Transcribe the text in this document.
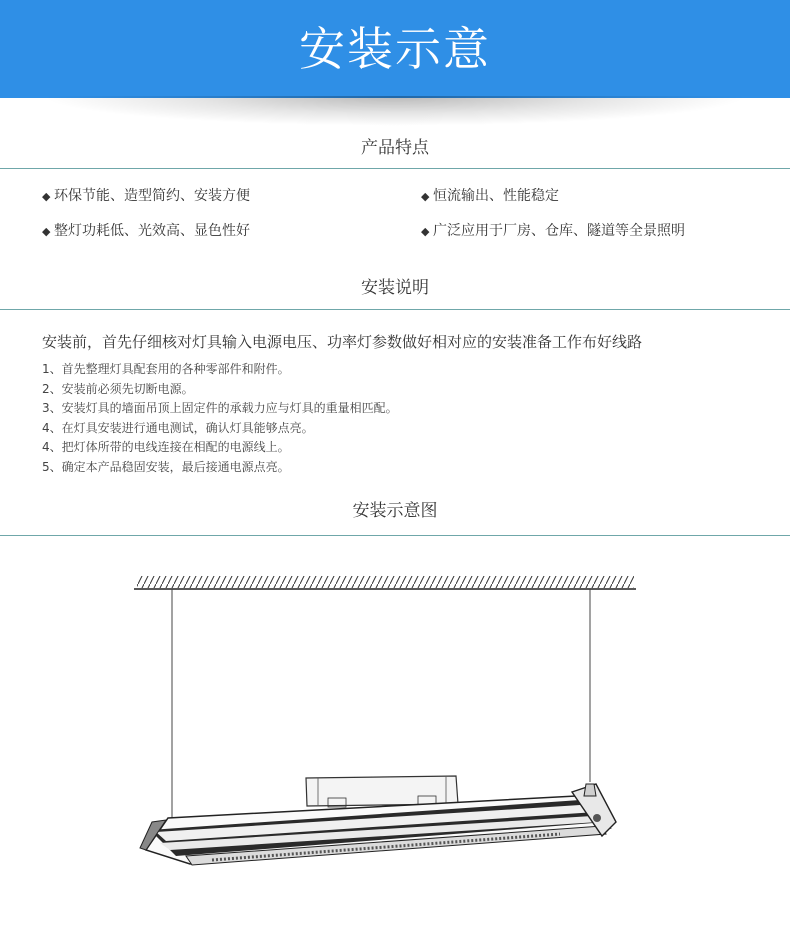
安装示意
产品特点
◆ 环保节能、造型简约、安装方便	◆ 恒流输出、性能稳定
◆ 整灯功耗低、光效高、显色性好	◆ 广泛应用于厂房、仓库、隧道等全景照明
安装说明
安装前，首先仔细核对灯具输入电源电压、功率灯参数做好相对应的安装准备工作布好线路
1、首先整理灯具配套用的各种零部件和附件。
2、安装前必须先切断电源。
3、安装灯具的墙面吊顶上固定件的承载力应与灯具的重量相匹配。
4、在灯具安装进行通电测试，确认灯具能够点亮。
4、把灯体所带的电线连接在相配的电源线上。
5、确定本产品稳固安装，最后接通电源点亮。
安装示意图
